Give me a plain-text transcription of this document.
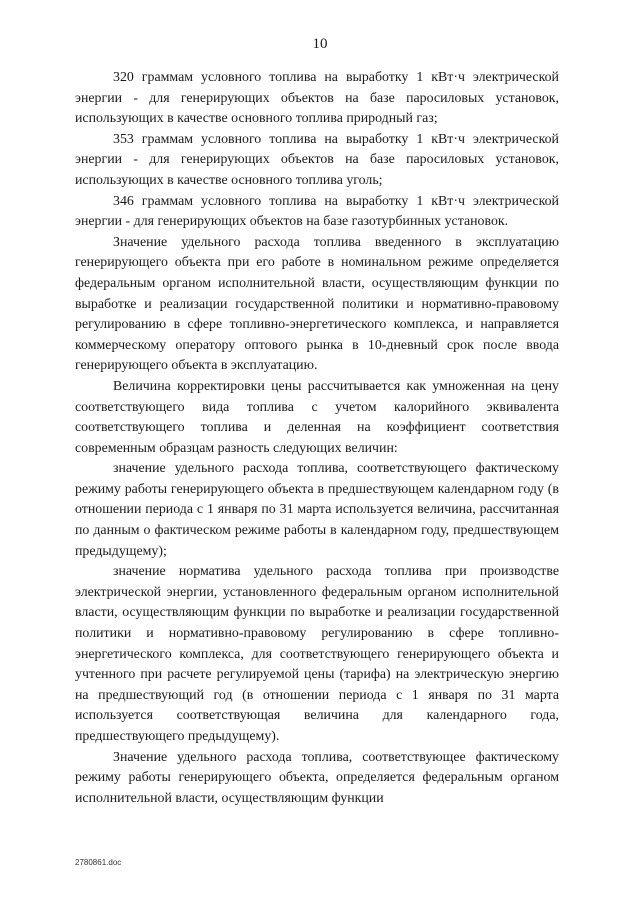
10

320 граммам условного топлива на выработку 1 кВт·ч электрической энергии - для генерирующих объектов на базе паросиловых установок, использующих в качестве основного топлива природный газ;

353 граммам условного топлива на выработку 1 кВт·ч электрической энергии - для генерирующих объектов на базе паросиловых установок, использующих в качестве основного топлива уголь;

346 граммам условного топлива на выработку 1 кВт·ч электрической энергии - для генерирующих объектов на базе газотурбинных установок.

Значение удельного расхода топлива введенного в эксплуатацию генерирующего объекта при его работе в номинальном режиме определяется федеральным органом исполнительной власти, осуществляющим функции по выработке и реализации государственной политики и нормативно-правовому регулированию в сфере топливно-энергетического комплекса, и направляется коммерческому оператору оптового рынка в 10-дневный срок после ввода генерирующего объекта в эксплуатацию.

Величина корректировки цены рассчитывается как умноженная на цену соответствующего вида топлива с учетом калорийного эквивалента соответствующего топлива и деленная на коэффициент соответствия современным образцам разность следующих величин:

значение удельного расхода топлива, соответствующего фактическому режиму работы генерирующего объекта в предшествующем календарном году (в отношении периода с 1 января по 31 марта используется величина, рассчитанная по данным о фактическом режиме работы в календарном году, предшествующем предыдущему);

значение норматива удельного расхода топлива при производстве электрической энергии, установленного федеральным органом исполнительной власти, осуществляющим функции по выработке и реализации государственной политики и нормативно-правовому регулированию в сфере топливно-энергетического комплекса, для соответствующего генерирующего объекта и учтенного при расчете регулируемой цены (тарифа) на электрическую энергию на предшествующий год (в отношении периода с 1 января по 31 марта используется соответствующая величина для календарного года, предшествующего предыдущему).

Значение удельного расхода топлива, соответствующее фактическому режиму работы генерирующего объекта, определяется федеральным органом исполнительной власти, осуществляющим функции

2780861.doc
